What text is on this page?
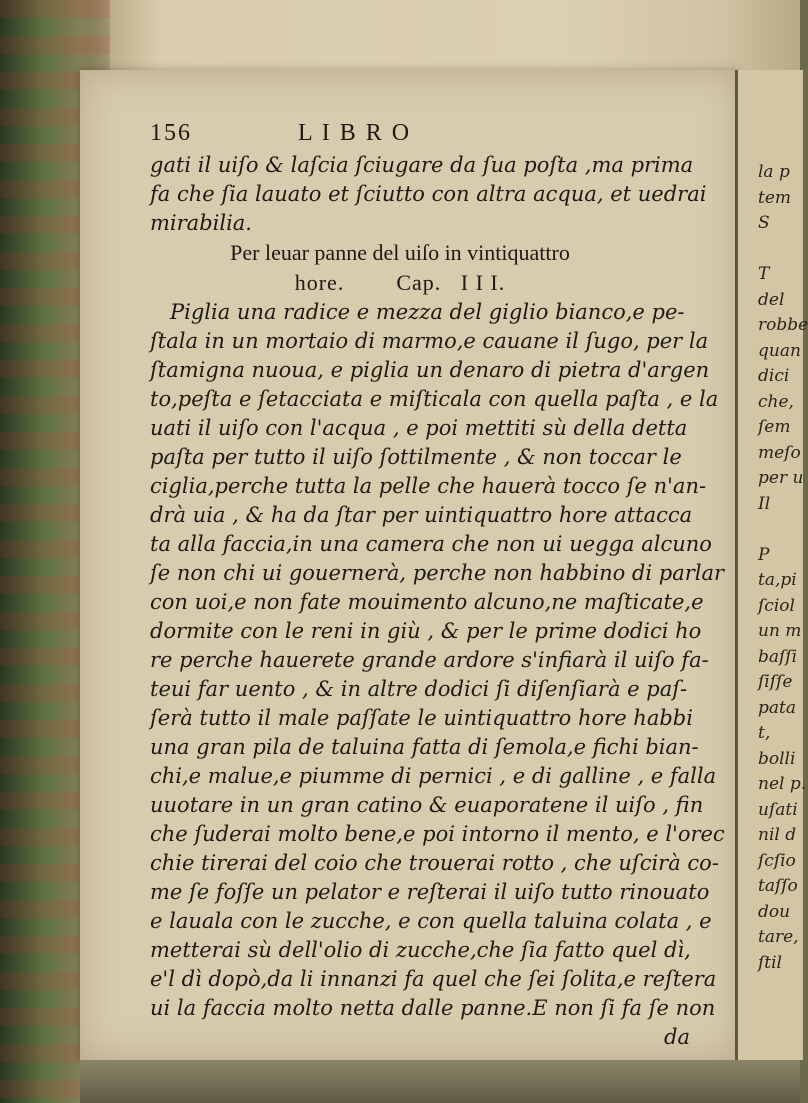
la p
tem
S
T
del
robbe
quan
dici
che,
ſem
meſo
per u
Il
P
ta,pi
ſciol
un m
baſſi
ſiſſe
pata
t,
bolli
nel p.
uſati
nil d
ſcſio
taſſo
dou
tare,
ſtil
156	L I B R O
gati il uiſo & laſcia ſciugare da ſua poſta ,ma prima
fa che ſia lauato et ſciutto con altra acqua, et uedrai
mirabilia.
Per leuar panne del uiſo in vintiquattro
hore.        Cap.   I I I.
Piglia una radice e mezza del giglio bianco,e pe-
ſtala in un mortaio di marmo,e cauane il ſugo, per la
ſtamigna nuoua, e piglia un denaro di pietra d'argen
to,peſta e ſetacciata e miſticala con quella paſta , e la
uati il uiſo con l'acqua , e poi mettiti sù della detta
paſta per tutto il uiſo ſottilmente , & non toccar le
ciglia,perche tutta la pelle che hauerà tocco ſe n'an-
drà uia , & ha da ſtar per uintiquattro hore attacca
ta alla faccia,in una camera che non ui uegga alcuno
ſe non chi ui gouernerà, perche non habbino di parlar
con uoi,e non fate mouimento alcuno,ne maſticate,e
dormite con le reni in giù , & per le prime dodici ho
re perche hauerete grande ardore s'infiarà il uiſo fa-
teui far uento , & in altre dodici ſi diſenſiarà e paſ-
ſerà tutto il male paſſate le uintiquattro hore habbi
una gran pila de taluina fatta di ſemola,e fichi bian-
chi,e malue,e piumme di pernici , e di galline , e falla
uuotare in un gran catino & euaporatene il uiſo , fin
che ſuderai molto bene,e poi intorno il mento, e l'orec
chie tirerai del coio che trouerai rotto , che uſcirà co-
me ſe foſſe un pelator e reſterai il uiſo tutto rinouato
e lauala con le zucche, e con quella taluina colata , e
metterai sù dell'olio di zucche,che ſia fatto quel dì,
e'l dì dopò,da li innanzi fa quel che ſei ſolita,e reſtera
ui la faccia molto netta dalle panne.E non ſi fa ſe non
da
